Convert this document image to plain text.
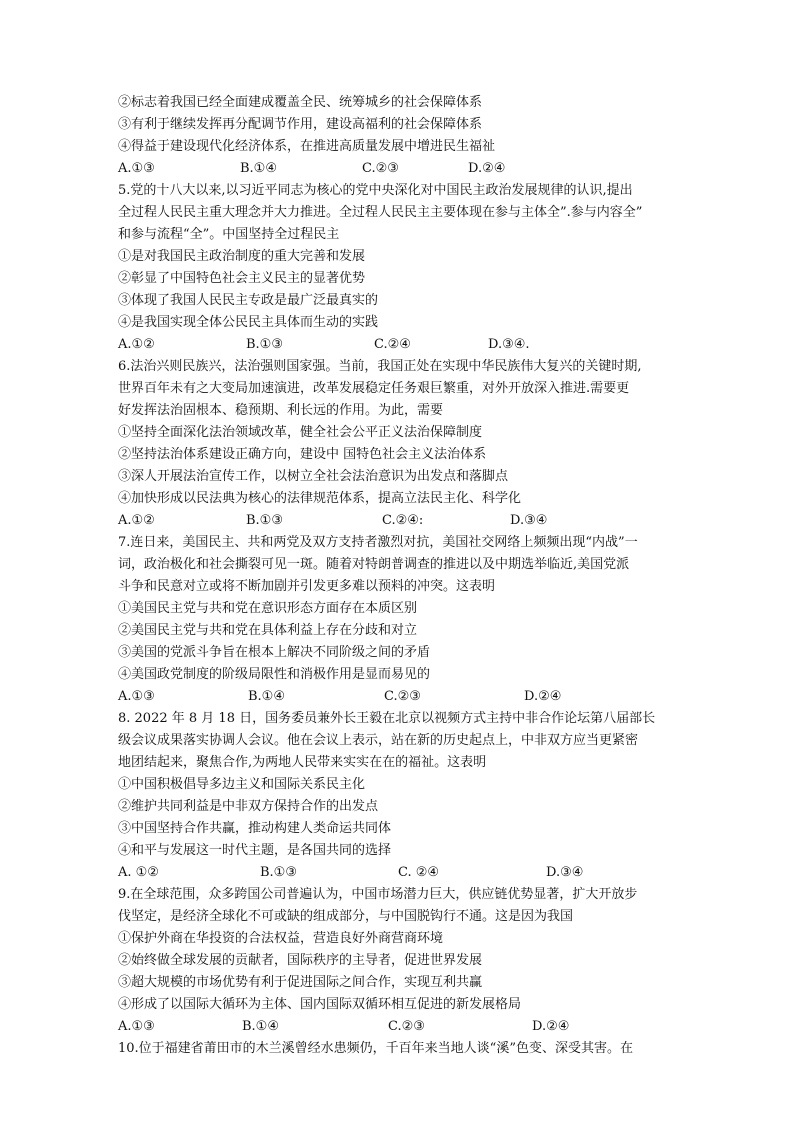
②标志着我国已经全面建成覆盖全民、统筹城乡的社会保障体系
③有利于继续发挥再分配调节作用，建设高福利的社会保障体系
④得益于建设现代化经济体系，在推进高质量发展中增进民生福祉
A.①③	B.①④	C.②③	D.②④
5.党的十八大以来,以习近平同志为核心的党中央深化对中国民主政治发展规律的认识,提出
全过程人民民主重大理念并大力推进。全过程人民民主主要体现在参与主体全”.参与内容全”
和参与流程“全”。中国坚持全过程民主
①是对我国民主政治制度的重大完善和发展
②彰显了中国特色社会主义民主的显著优势
③体现了我国人民民主专政是最广泛最真实的
④是我国实现全体公民民主具体而生动的实践
A.①②	B.①③	C.②④	D.③④.
6.法治兴则民族兴，法治强则国家强。当前，我国正处在实现中华民族伟大复兴的关键时期,
世界百年未有之大变局加速演进，改革发展稳定任务艰巨繁重，对外开放深入推进.需要更
好发挥法治固根本、稳预期、利长远的作用。为此，需要
①坚持全面深化法治领域改革，健全社会公平正义法治保障制度
②坚持法治体系建设正确方向，建设中 国特色社会主义法治体系
③深人开展法治宣传工作，以树立全社会法治意识为出发点和落脚点
④加快形成以民法典为核心的法律规范体系，提高立法民主化、科学化
A.①②	B.①③	C.②④:	D.③④
7.连日来，美国民主、共和两党及双方支持者激烈对抗，美国社交网络上频频出现“内战”一
词，政治极化和社会撕裂可见一斑。随着对特朗普调查的推进以及中期选举临近,美国党派
斗争和民意对立或将不断加剧并引发更多难以预料的冲突。这表明
①美国民主党与共和党在意识形态方面存在本质区别
②美国民主党与共和党在具体利益上存在分歧和对立
③美国的党派斗争旨在根本上解决不同阶级之间的矛盾
④美国政党制度的阶级局限性和消极作用是显而易见的
A.①③	B.①④	C.②③	D.②④
8. 2022 年 8 月 18 日，国务委员兼外长王毅在北京以视频方式主持中非合作论坛第八届部长
级会议成果落实协调人会议。他在会议上表示，站在新的历史起点上，中非双方应当更紧密
地团结起来，聚焦合作,为两地人民带来实实在在的福祉。这表明
①中国积极倡导多边主义和国际关系民主化
②维护共同利益是中非双方保持合作的出发点
③中国坚持合作共赢，推动构建人类命运共同体
④和平与发展这一时代主题，是各国共同的选择
A. ①②	B.①③	C. ②④	D.③④
9.在全球范围，众多跨国公司普遍认为，中国市场潜力巨大，供应链优势显著，扩大开放步
伐坚定，是经济全球化不可或缺的组成部分，与中国脱钩行不通。这是因为我国
①保护外商在华投资的合法权益，营造良好外商营商环境
②始终做全球发展的贡献者，国际秩序的主导者，促进世界发展
③超大规模的市场优势有利于促进国际之间合作，实现互利共赢
④形成了以国际大循环为主体、国内国际双循环相互促进的新发展格局
A.①③	B.①④	C.②③	D.②④
10.位于福建省莆田市的木兰溪曾经水患频仍，千百年来当地人谈“溪”色变、深受其害。在
